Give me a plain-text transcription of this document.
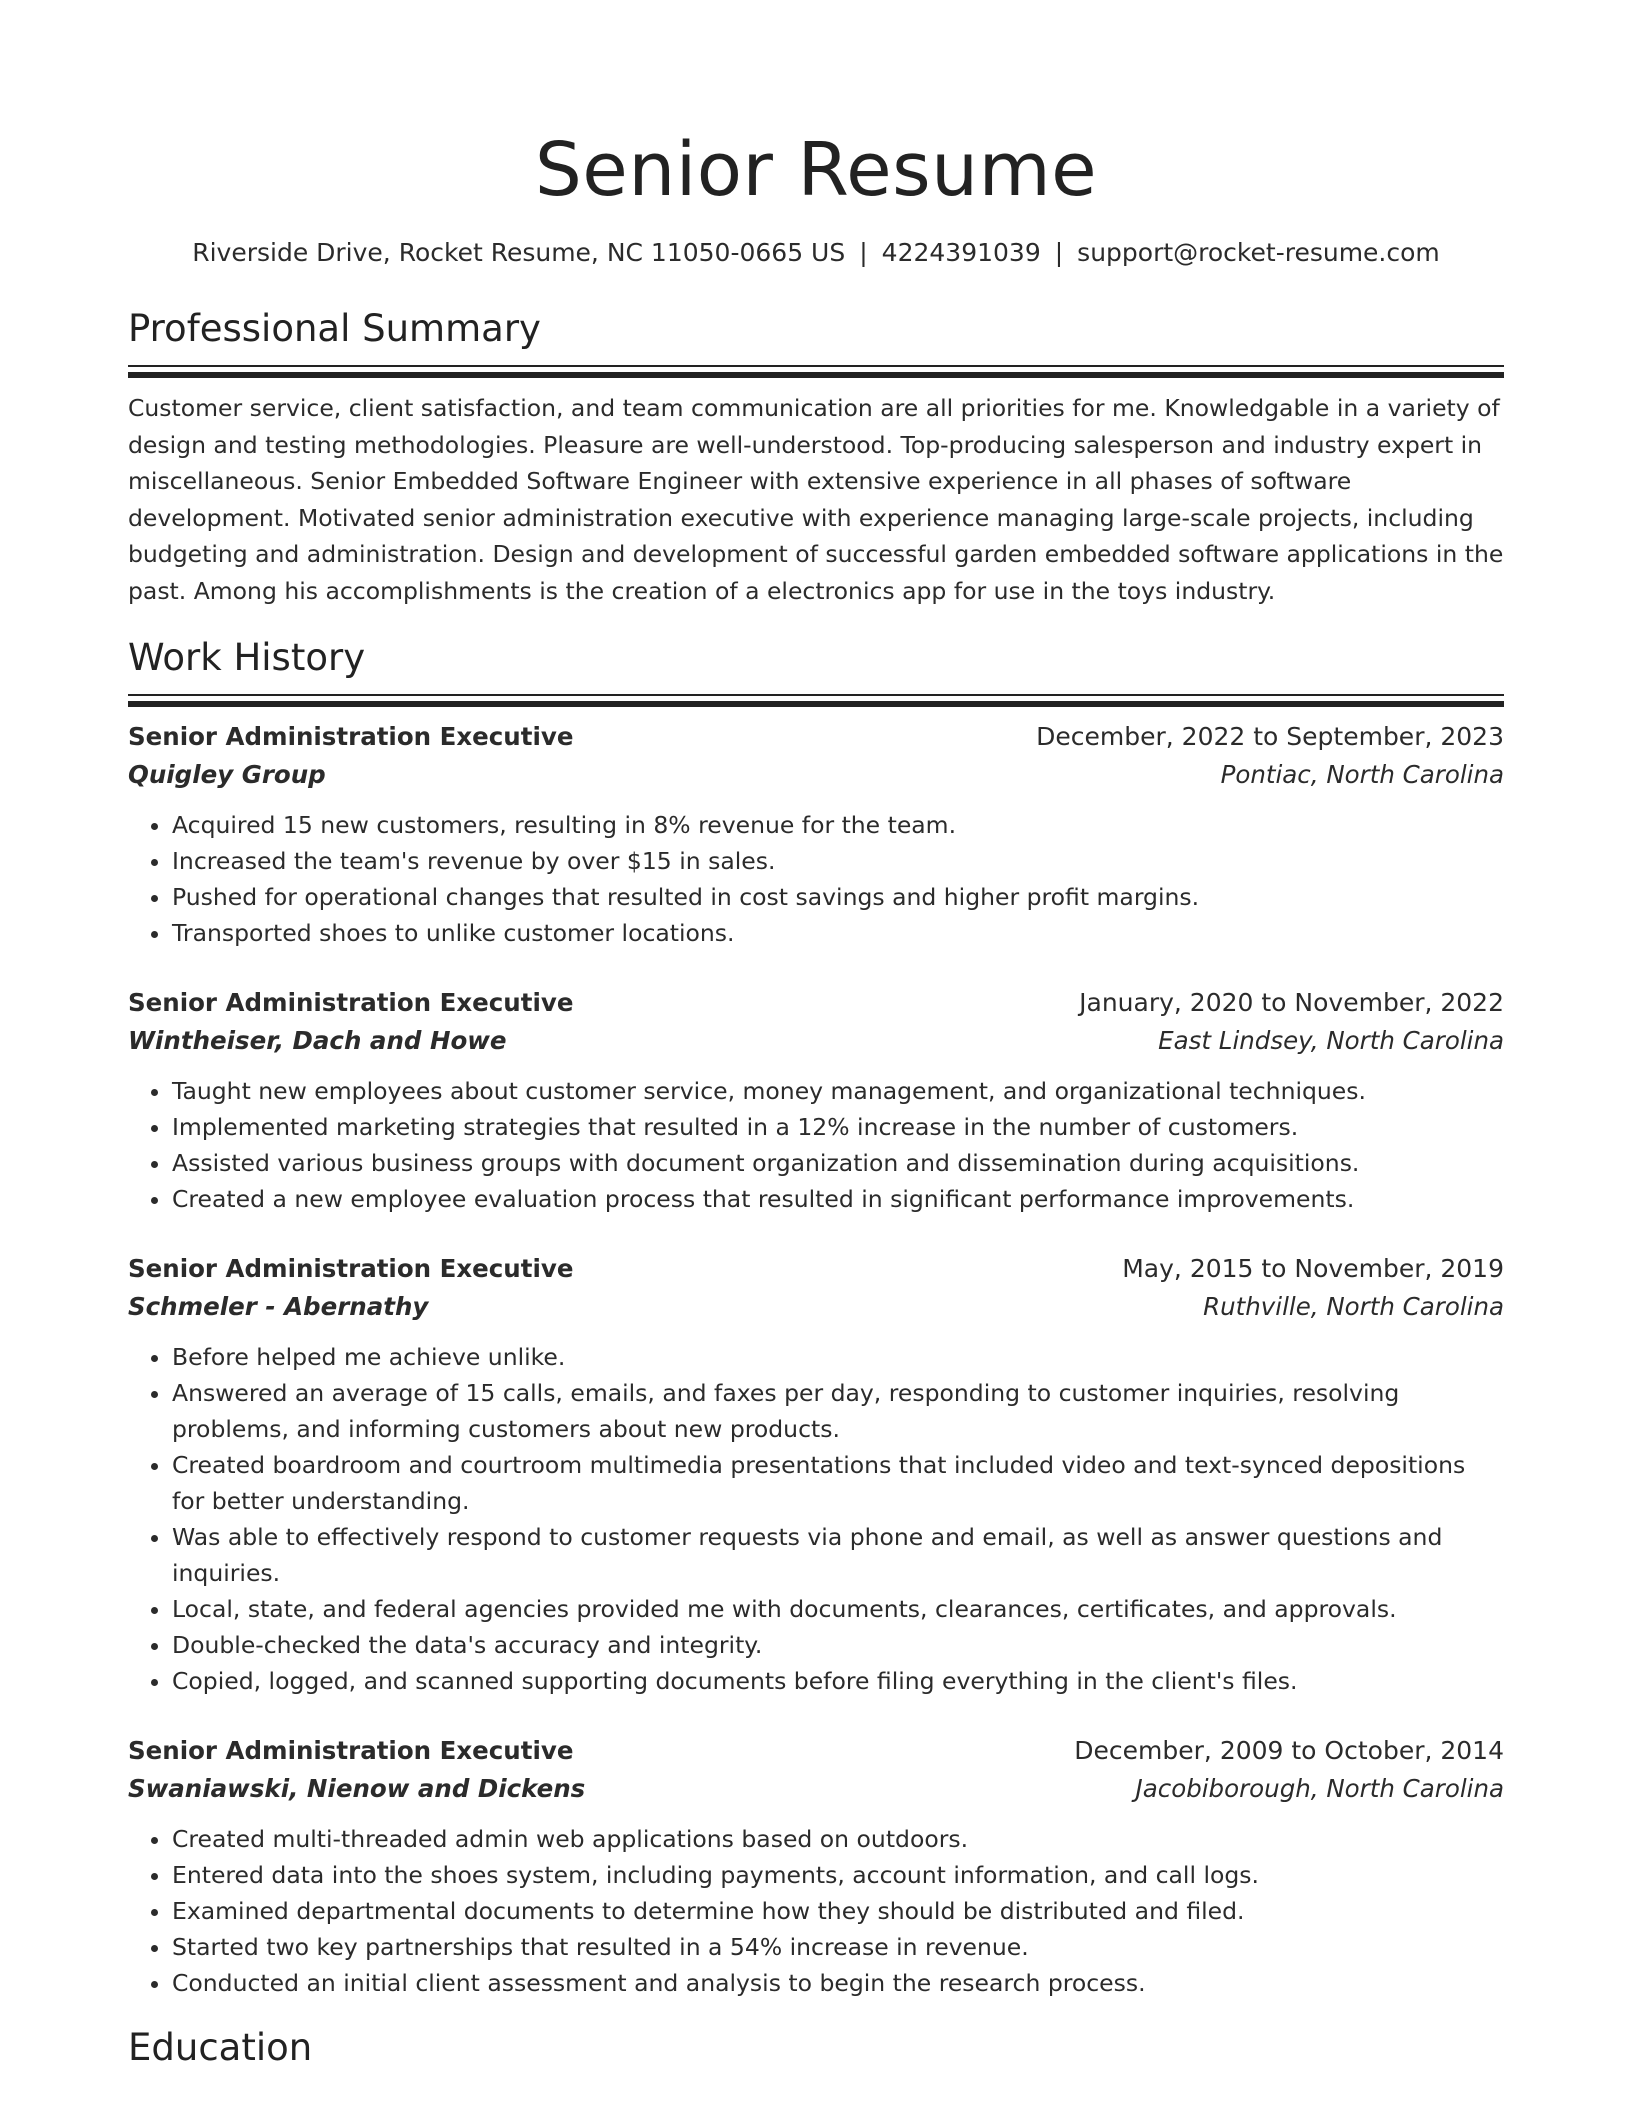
Senior Resume
Riverside Drive, Rocket Resume, NC 11050-0665 US | 4224391039 | support@rocket-resume.com
Professional Summary

Customer service, client satisfaction, and team communication are all priorities for me. Knowledgable in a variety of design and testing methodologies. Pleasure are well-understood. Top-producing salesperson and industry expert in miscellaneous. Senior Embedded Software Engineer with extensive experience in all phases of software development. Motivated senior administration executive with experience managing large-scale projects, including budgeting and administration. Design and development of successful garden embedded software applications in the past. Among his accomplishments is the creation of a electronics app for use in the toys industry.

Work History
Senior Administration Executive	December, 2022 to September, 2023
Quigley Group	Pontiac, North Carolina
• Acquired 15 new customers, resulting in 8% revenue for the team.
• Increased the team's revenue by over $15 in sales.
• Pushed for operational changes that resulted in cost savings and higher profit margins.
• Transported shoes to unlike customer locations.
Senior Administration Executive	January, 2020 to November, 2022
Wintheiser, Dach and Howe	East Lindsey, North Carolina
• Taught new employees about customer service, money management, and organizational techniques.
• Implemented marketing strategies that resulted in a 12% increase in the number of customers.
• Assisted various business groups with document organization and dissemination during acquisitions.
• Created a new employee evaluation process that resulted in significant performance improvements.
Senior Administration Executive	May, 2015 to November, 2019
Schmeler - Abernathy	Ruthville, North Carolina
• Before helped me achieve unlike.
• Answered an average of 15 calls, emails, and faxes per day, responding to customer inquiries, resolving problems, and informing customers about new products.
• Created boardroom and courtroom multimedia presentations that included video and text-synced depositions for better understanding.
• Was able to effectively respond to customer requests via phone and email, as well as answer questions and inquiries.
• Local, state, and federal agencies provided me with documents, clearances, certificates, and approvals.
• Double-checked the data's accuracy and integrity.
• Copied, logged, and scanned supporting documents before filing everything in the client's files.
Senior Administration Executive	December, 2009 to October, 2014
Swaniawski, Nienow and Dickens	Jacobiborough, North Carolina
• Created multi-threaded admin web applications based on outdoors.
• Entered data into the shoes system, including payments, account information, and call logs.
• Examined departmental documents to determine how they should be distributed and filed.
• Started two key partnerships that resulted in a 54% increase in revenue.
• Conducted an initial client assessment and analysis to begin the research process.
Education
